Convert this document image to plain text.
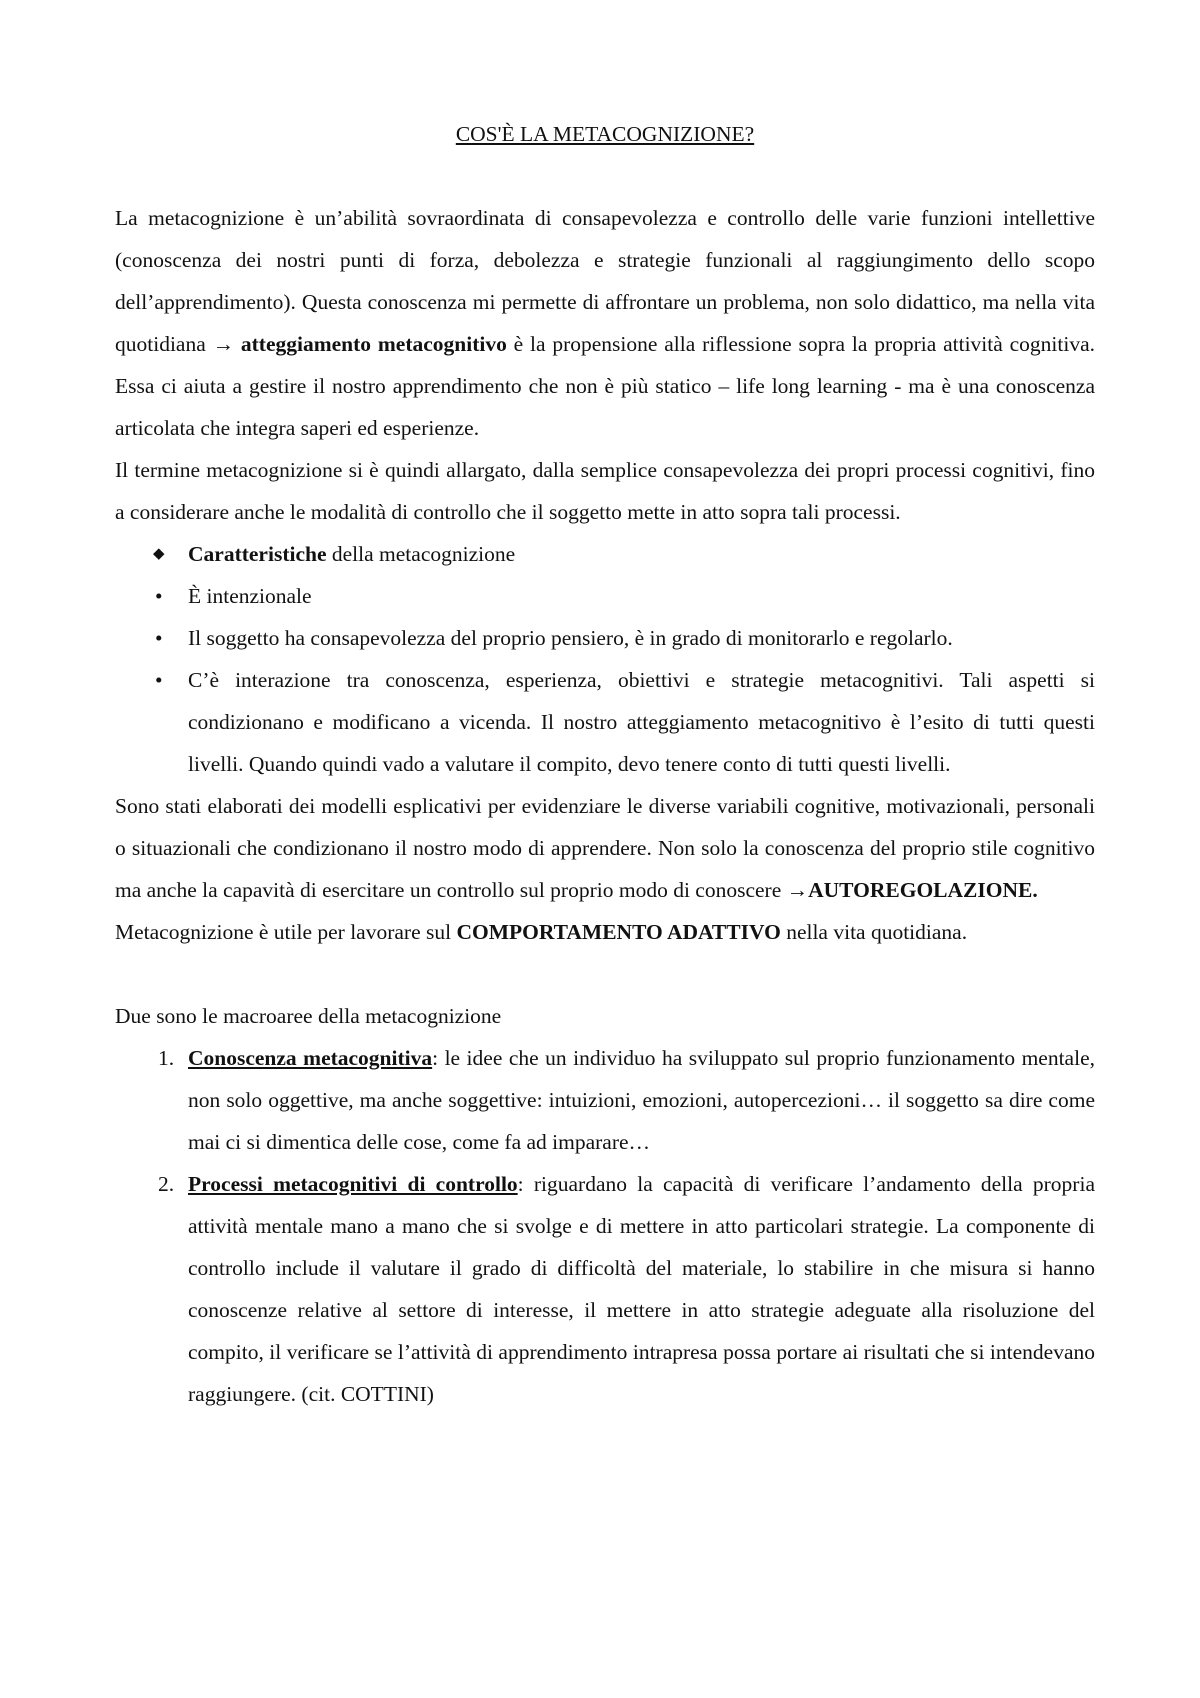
COS'È LA METACOGNIZIONE?

La metacognizione è un’abilità sovraordinata di consapevolezza e controllo delle varie funzioni intellettive (conoscenza dei nostri punti di forza, debolezza e strategie funzionali al raggiungimento dello scopo dell’apprendimento). Questa conoscenza mi permette di affrontare un problema, non solo didattico, ma nella vita quotidiana → atteggiamento metacognitivo è la propensione alla riflessione sopra la propria attività cognitiva. Essa ci aiuta a gestire il nostro apprendimento che non è più statico – life long learning - ma è una conoscenza articolata che integra saperi ed esperienze.

Il termine metacognizione si è quindi allargato, dalla semplice consapevolezza dei propri processi cognitivi, fino a considerare anche le modalità di controllo che il soggetto mette in atto sopra tali processi.

◆ Caratteristiche della metacognizione

• È intenzionale
• Il soggetto ha consapevolezza del proprio pensiero, è in grado di monitorarlo e regolarlo.
• C’è interazione tra conoscenza, esperienza, obiettivi e strategie metacognitivi. Tali aspetti si condizionano e modificano a vicenda. Il nostro atteggiamento metacognitivo è l’esito di tutti questi livelli. Quando quindi vado a valutare il compito, devo tenere conto di tutti questi livelli.

Sono stati elaborati dei modelli esplicativi per evidenziare le diverse variabili cognitive, motivazionali, personali o situazionali che condizionano il nostro modo di apprendere. Non solo la conoscenza del proprio stile cognitivo ma anche la capavità di esercitare un controllo sul proprio modo di conoscere →AUTOREGOLAZIONE.

Metacognizione è utile per lavorare sul COMPORTAMENTO ADATTIVO nella vita quotidiana.

Due sono le macroaree della metacognizione

1. Conoscenza metacognitiva: le idee che un individuo ha sviluppato sul proprio funzionamento mentale, non solo oggettive, ma anche soggettive: intuizioni, emozioni, autopercezioni… il soggetto sa dire come mai ci si dimentica delle cose, come fa ad imparare…
2. Processi metacognitivi di controllo: riguardano la capacità di verificare l’andamento della propria attività mentale mano a mano che si svolge e di mettere in atto particolari strategie. La componente di controllo include il valutare il grado di difficoltà del materiale, lo stabilire in che misura si hanno conoscenze relative al settore di interesse, il mettere in atto strategie adeguate alla risoluzione del compito, il verificare se l’attività di apprendimento intrapresa possa portare ai risultati che si intendevano raggiungere. (cit. COTTINI)
